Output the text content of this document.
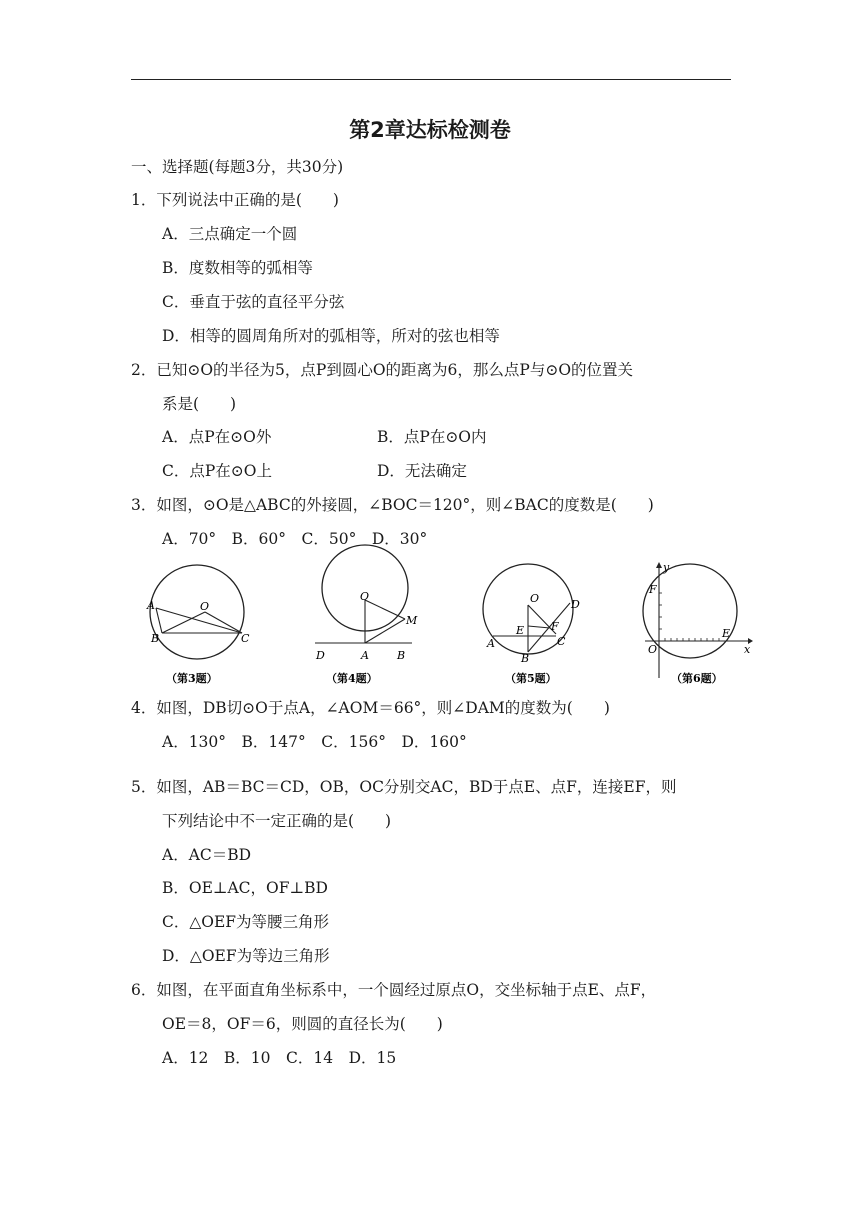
第2章达标检测卷
一、选择题(每题3分，共30分)
1．下列说法中正确的是(　　)
A．三点确定一个圆
B．度数相等的弧相等
C．垂直于弦的直径平分弦
D．相等的圆周角所对的弧相等，所对的弦也相等
2．已知⊙O的半径为5，点P到圆心O的距离为6，那么点P与⊙O的位置关
系是(　　)
A．点P在⊙O外	B．点P在⊙O内
C．点P在⊙O上	D．无法确定
3．如图，⊙O是△ABC的外接圆，∠BOC＝120°，则∠BAC的度数是(　　)
A．70°　B．60°　C．50°　D．30°
A
B	C
O
（第3题）
O
M
D	A	B
（第4题）
O	D
E F
A
B
C
（第5题）
y
x
F
E
O
（第6题）
4．如图，DB切⊙O于点A，∠AOM＝66°，则∠DAM的度数为(　　)
A．130°　B．147°　C．156°　D．160°
5．如图，AB＝BC＝CD，OB，OC分别交AC，BD于点E、点F，连接EF，则
下列结论中不一定正确的是(　　)
A．AC＝BD
B．OE⊥AC，OF⊥BD
C．△OEF为等腰三角形
D．△OEF为等边三角形
6．如图，在平面直角坐标系中，一个圆经过原点O，交坐标轴于点E、点F，
OE＝8，OF＝6，则圆的直径长为(　　)
A．12　B．10　C．14　D．15
